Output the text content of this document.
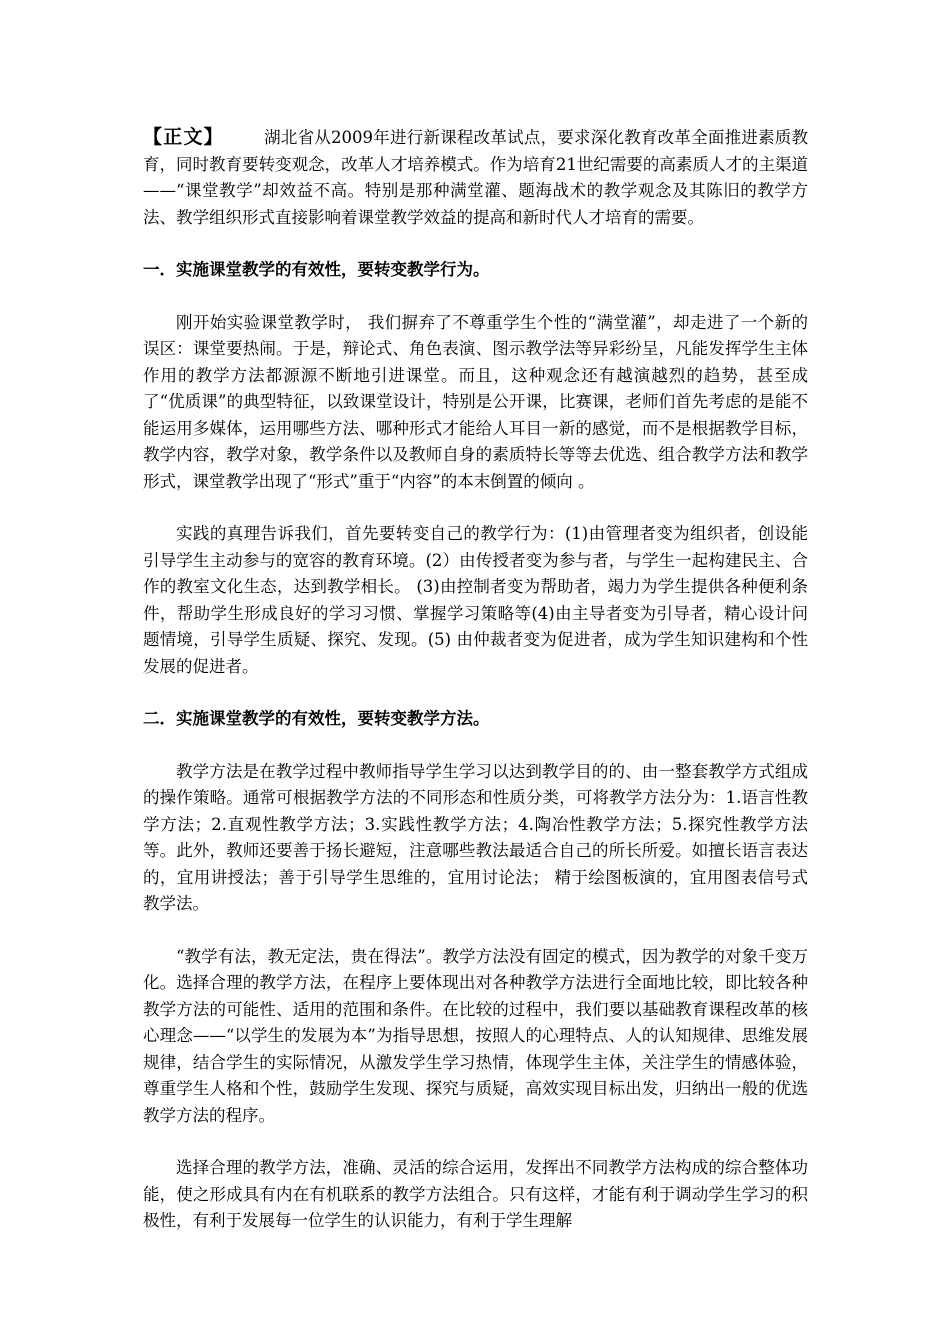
【正文】 湖北省从2009年进行新课程改革试点，要求深化教育改革全面推进素质教育，同时教育要转变观念，改革人才培养模式。作为培育21世纪需要的高素质人才的主渠道——“课堂教学”却效益不高。特别是那种满堂灌、题海战术的教学观念及其陈旧的教学方法、教学组织形式直接影响着课堂教学效益的提高和新时代人才培育的需要。

一．实施课堂教学的有效性，要转变教学行为。

刚开始实验课堂教学时， 我们摒弃了不尊重学生个性的“满堂灌”，却走进了一个新的误区：课堂要热闹。于是，辩论式、角色表演、图示教学法等异彩纷呈，凡能发挥学生主体作用的教学方法都源源不断地引进课堂。而且，这种观念还有越演越烈的趋势，甚至成了“优质课”的典型特征，以致课堂设计，特别是公开课，比赛课，老师们首先考虑的是能不能运用多媒体，运用哪些方法、哪种形式才能给人耳目一新的感觉，而不是根据教学目标，教学内容，教学对象，教学条件以及教师自身的素质特长等等去优选、组合教学方法和教学形式，课堂教学出现了“形式”重于“内容”的本末倒置的倾向 。

实践的真理告诉我们，首先要转变自己的教学行为：(1)由管理者变为组织者，创设能引导学生主动参与的宽容的教育环境。(2）由传授者变为参与者，与学生一起构建民主、合作的教室文化生态，达到教学相长。 (3)由控制者变为帮助者，竭力为学生提供各种便利条件，帮助学生形成良好的学习习惯、掌握学习策略等(4)由主导者变为引导者，精心设计问题情境，引导学生质疑、探究、发现。(5) 由仲裁者变为促进者，成为学生知识建构和个性发展的促进者。

二．实施课堂教学的有效性，要转变教学方法。

教学方法是在教学过程中教师指导学生学习以达到教学目的的、由一整套教学方式组成的操作策略。通常可根据教学方法的不同形态和性质分类，可将教学方法分为：1.语言性教学方法；2.直观性教学方法；3.实践性教学方法；4.陶冶性教学方法；5.探究性教学方法等。此外，教师还要善于扬长避短，注意哪些教法最适合自己的所长所爱。如擅长语言表达的，宜用讲授法；善于引导学生思维的，宜用讨论法； 精于绘图板演的，宜用图表信号式教学法。

“教学有法，教无定法，贵在得法”。教学方法没有固定的模式，因为教学的对象千变万化。选择合理的教学方法，在程序上要体现出对各种教学方法进行全面地比较，即比较各种教学方法的可能性、适用的范围和条件。在比较的过程中，我们要以基础教育课程改革的核心理念——“以学生的发展为本”为指导思想，按照人的心理特点、人的认知规律、思维发展规律，结合学生的实际情况，从激发学生学习热情，体现学生主体，关注学生的情感体验，尊重学生人格和个性，鼓励学生发现、探究与质疑，高效实现目标出发，归纳出一般的优选教学方法的程序。

选择合理的教学方法，准确、灵活的综合运用，发挥出不同教学方法构成的综合整体功能，使之形成具有内在有机联系的教学方法组合。只有这样，才能有利于调动学生学习的积极性，有利于发展每一位学生的认识能力，有利于学生理解
